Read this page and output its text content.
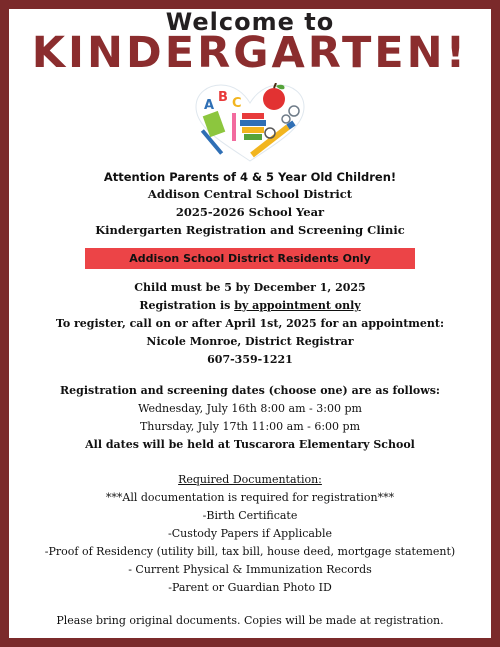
Welcome to
KINDERGARTEN!
A
B C
Attention Parents of 4 & 5 Year Old Children!
Addison Central School District
2025-2026 School Year
Kindergarten Registration and Screening Clinic
Addison School District Residents Only
Child must be 5 by December 1, 2025
Registration is by appointment only
To register, call on or after April 1st, 2025 for an appointment:
Nicole Monroe, District Registrar
607-359-1221
Registration and screening dates (choose one) are as follows:
Wednesday, July 16th 8:00 am - 3:00 pm
Thursday, July 17th 11:00 am - 6:00 pm
All dates will be held at Tuscarora Elementary School
Required Documentation:
***All documentation is required for registration***
-Birth Certificate
-Custody Papers if Applicable
-Proof of Residency (utility bill, tax bill, house deed, mortgage statement)
- Current Physical & Immunization Records
-Parent or Guardian Photo ID
Please bring original documents. Copies will be made at registration.
